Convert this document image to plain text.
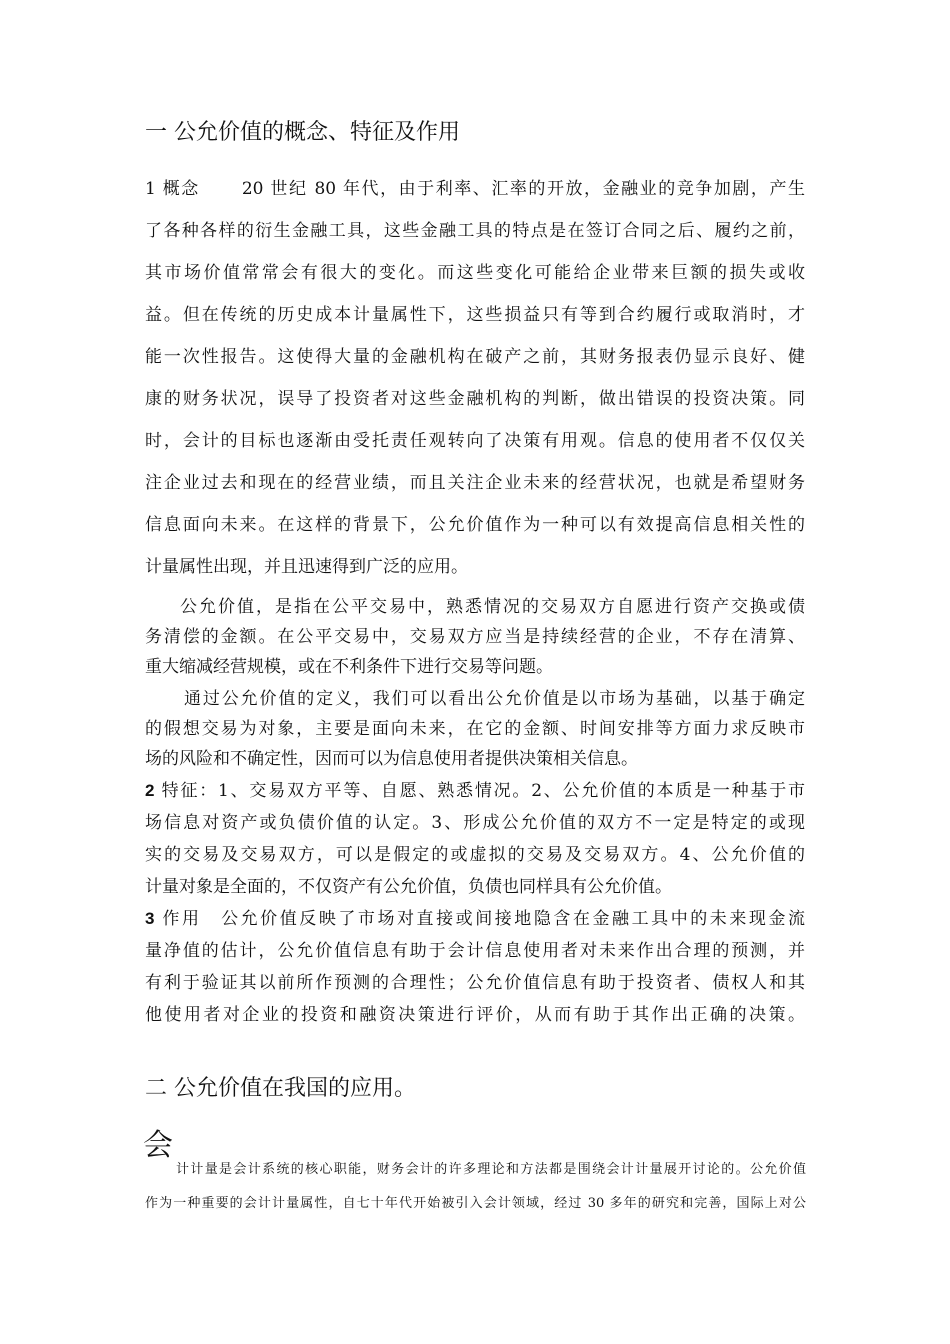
一 公允价值的概念、特征及作用
1 概念 20 世纪 80 年代，由于利率、汇率的开放，金融业的竞争加剧，产生
了各种各样的衍生金融工具，这些金融工具的特点是在签订合同之后、履约之前，
其市场价值常常会有很大的变化。而这些变化可能给企业带来巨额的损失或收
益。但在传统的历史成本计量属性下，这些损益只有等到合约履行或取消时，才
能一次性报告。这使得大量的金融机构在破产之前，其财务报表仍显示良好、健
康的财务状况，误导了投资者对这些金融机构的判断，做出错误的投资决策。同
时，会计的目标也逐渐由受托责任观转向了决策有用观。信息的使用者不仅仅关
注企业过去和现在的经营业绩，而且关注企业未来的经营状况，也就是希望财务
信息面向未来。在这样的背景下，公允价值作为一种可以有效提高信息相关性的
计量属性出现，并且迅速得到广泛的应用。
公允价值，是指在公平交易中，熟悉情况的交易双方自愿进行资产交换或债
务清偿的金额。在公平交易中，交易双方应当是持续经营的企业，不存在清算、
重大缩减经营规模，或在不利条件下进行交易等问题。
通过公允价值的定义，我们可以看出公允价值是以市场为基础，以基于确定
的假想交易为对象，主要是面向未来，在它的金额、时间安排等方面力求反映市
场的风险和不确定性，因而可以为信息使用者提供决策相关信息。
2 特征：1、交易双方平等、自愿、熟悉情况。2、公允价值的本质是一种基于市
场信息对资产或负债价值的认定。3、形成公允价值的双方不一定是特定的或现
实的交易及交易双方，可以是假定的或虚拟的交易及交易双方。4、公允价值的
计量对象是全面的，不仅资产有公允价值，负债也同样具有公允价值。
3 作用　公允价值反映了市场对直接或间接地隐含在金融工具中的未来现金流
量净值的估计，公允价值信息有助于会计信息使用者对未来作出合理的预测，并
有利于验证其以前所作预测的合理性；公允价值信息有助于投资者、债权人和其
他使用者对企业的投资和融资决策进行评价，从而有助于其作出正确的决策。
二 公允价值在我国的应用。
会
计计量是会计系统的核心职能，财务会计的许多理论和方法都是围绕会计计量展开讨论的。公允价值
作为一种重要的会计计量属性，自七十年代开始被引入会计领域，经过 30 多年的研究和完善，国际上对公
